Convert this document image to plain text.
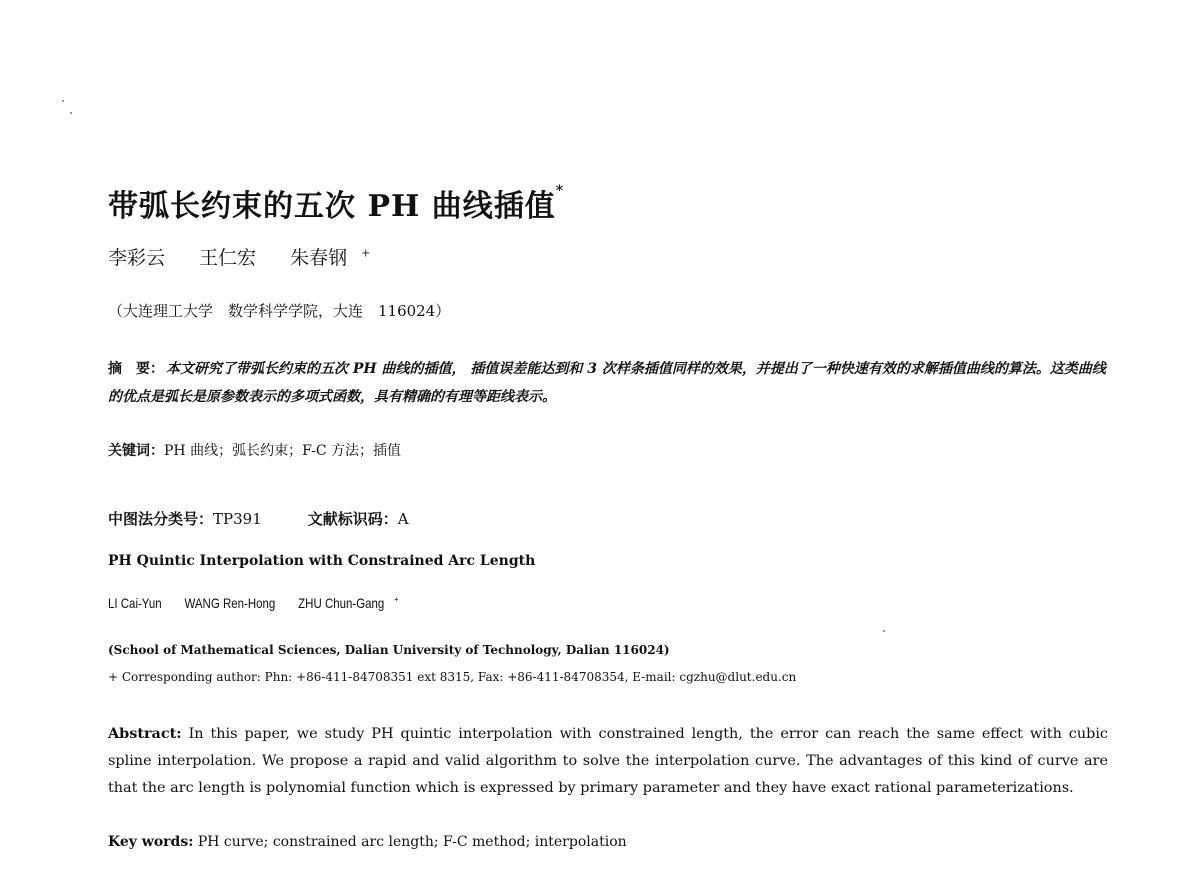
带弧长约束的五次 PH 曲线插值*
李彩云 王仁宏 朱春钢 +
（大连理工大学　数学科学学院，大连　116024）
摘　要： 本文研究了带弧长约束的五次 PH 曲线的插值， 插值误差能达到和 3 次样条插值同样的效果，并提出了一种快速有效的求解插值曲线的算法。这类曲线的优点是弧长是原参数表示的多项式函数，具有精确的有理等距线表示。
关键词：PH 曲线；弧长约束；F-C 方法；插值
中图法分类号：TP391	文献标识码：A
PH Quintic Interpolation with Constrained Arc Length
LI Cai-Yun WANG Ren-Hong ZHU Chun-Gang +
(School of Mathematical Sciences, Dalian University of Technology, Dalian 116024)
+ Corresponding author: Phn: +86-411-84708351 ext 8315, Fax: +86-411-84708354, E-mail: cgzhu@dlut.edu.cn
Abstract: In this paper, we study PH quintic interpolation with constrained length, the error can reach the same effect with cubic spline interpolation. We propose a rapid and valid algorithm to solve the interpolation curve. The advantages of this kind of curve are that the arc length is polynomial function which is expressed by primary parameter and they have exact rational parameterizations.
Key words: PH curve; constrained arc length; F-C method; interpolation
